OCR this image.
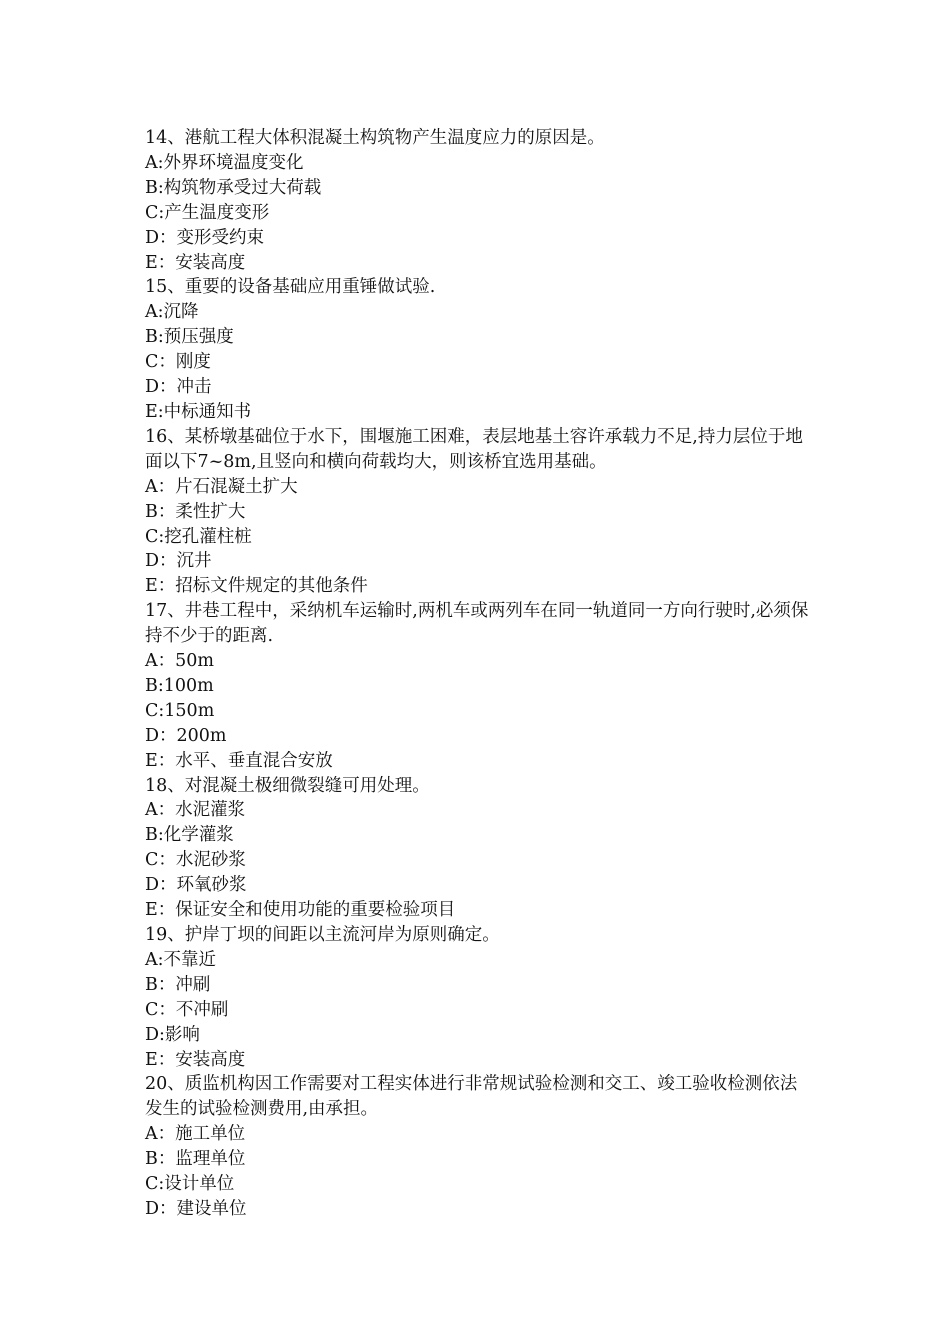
14、港航工程大体积混凝土构筑物产生温度应力的原因是。
A:外界环境温度变化
B:构筑物承受过大荷载
C:产生温度变形
D：变形受约束
E：安装高度
15、重要的设备基础应用重锤做试验.
A:沉降
B:预压强度
C：刚度
D：冲击
E:中标通知书
16、某桥墩基础位于水下，围堰施工困难，表层地基土容许承载力不足,持力层位于地面以下7~8m,且竖向和横向荷载均大，则该桥宜选用基础。
A：片石混凝土扩大
B：柔性扩大
C:挖孔灌柱桩
D：沉井
E：招标文件规定的其他条件
17、井巷工程中，采纳机车运输时,两机车或两列车在同一轨道同一方向行驶时,必须保持不少于的距离.
A：50m
B:100m
C:150m
D：200m
E：水平、垂直混合安放
18、对混凝土极细微裂缝可用处理。
A：水泥灌浆
B:化学灌浆
C：水泥砂浆
D：环氧砂浆
E：保证安全和使用功能的重要检验项目
19、护岸丁坝的间距以主流河岸为原则确定。
A:不靠近
B：冲刷
C：不冲刷
D:影响
E：安装高度
20、质监机构因工作需要对工程实体进行非常规试验检测和交工、竣工验收检测依法发生的试验检测费用,由承担。
A：施工单位
B：监理单位
C:设计单位
D：建设单位
